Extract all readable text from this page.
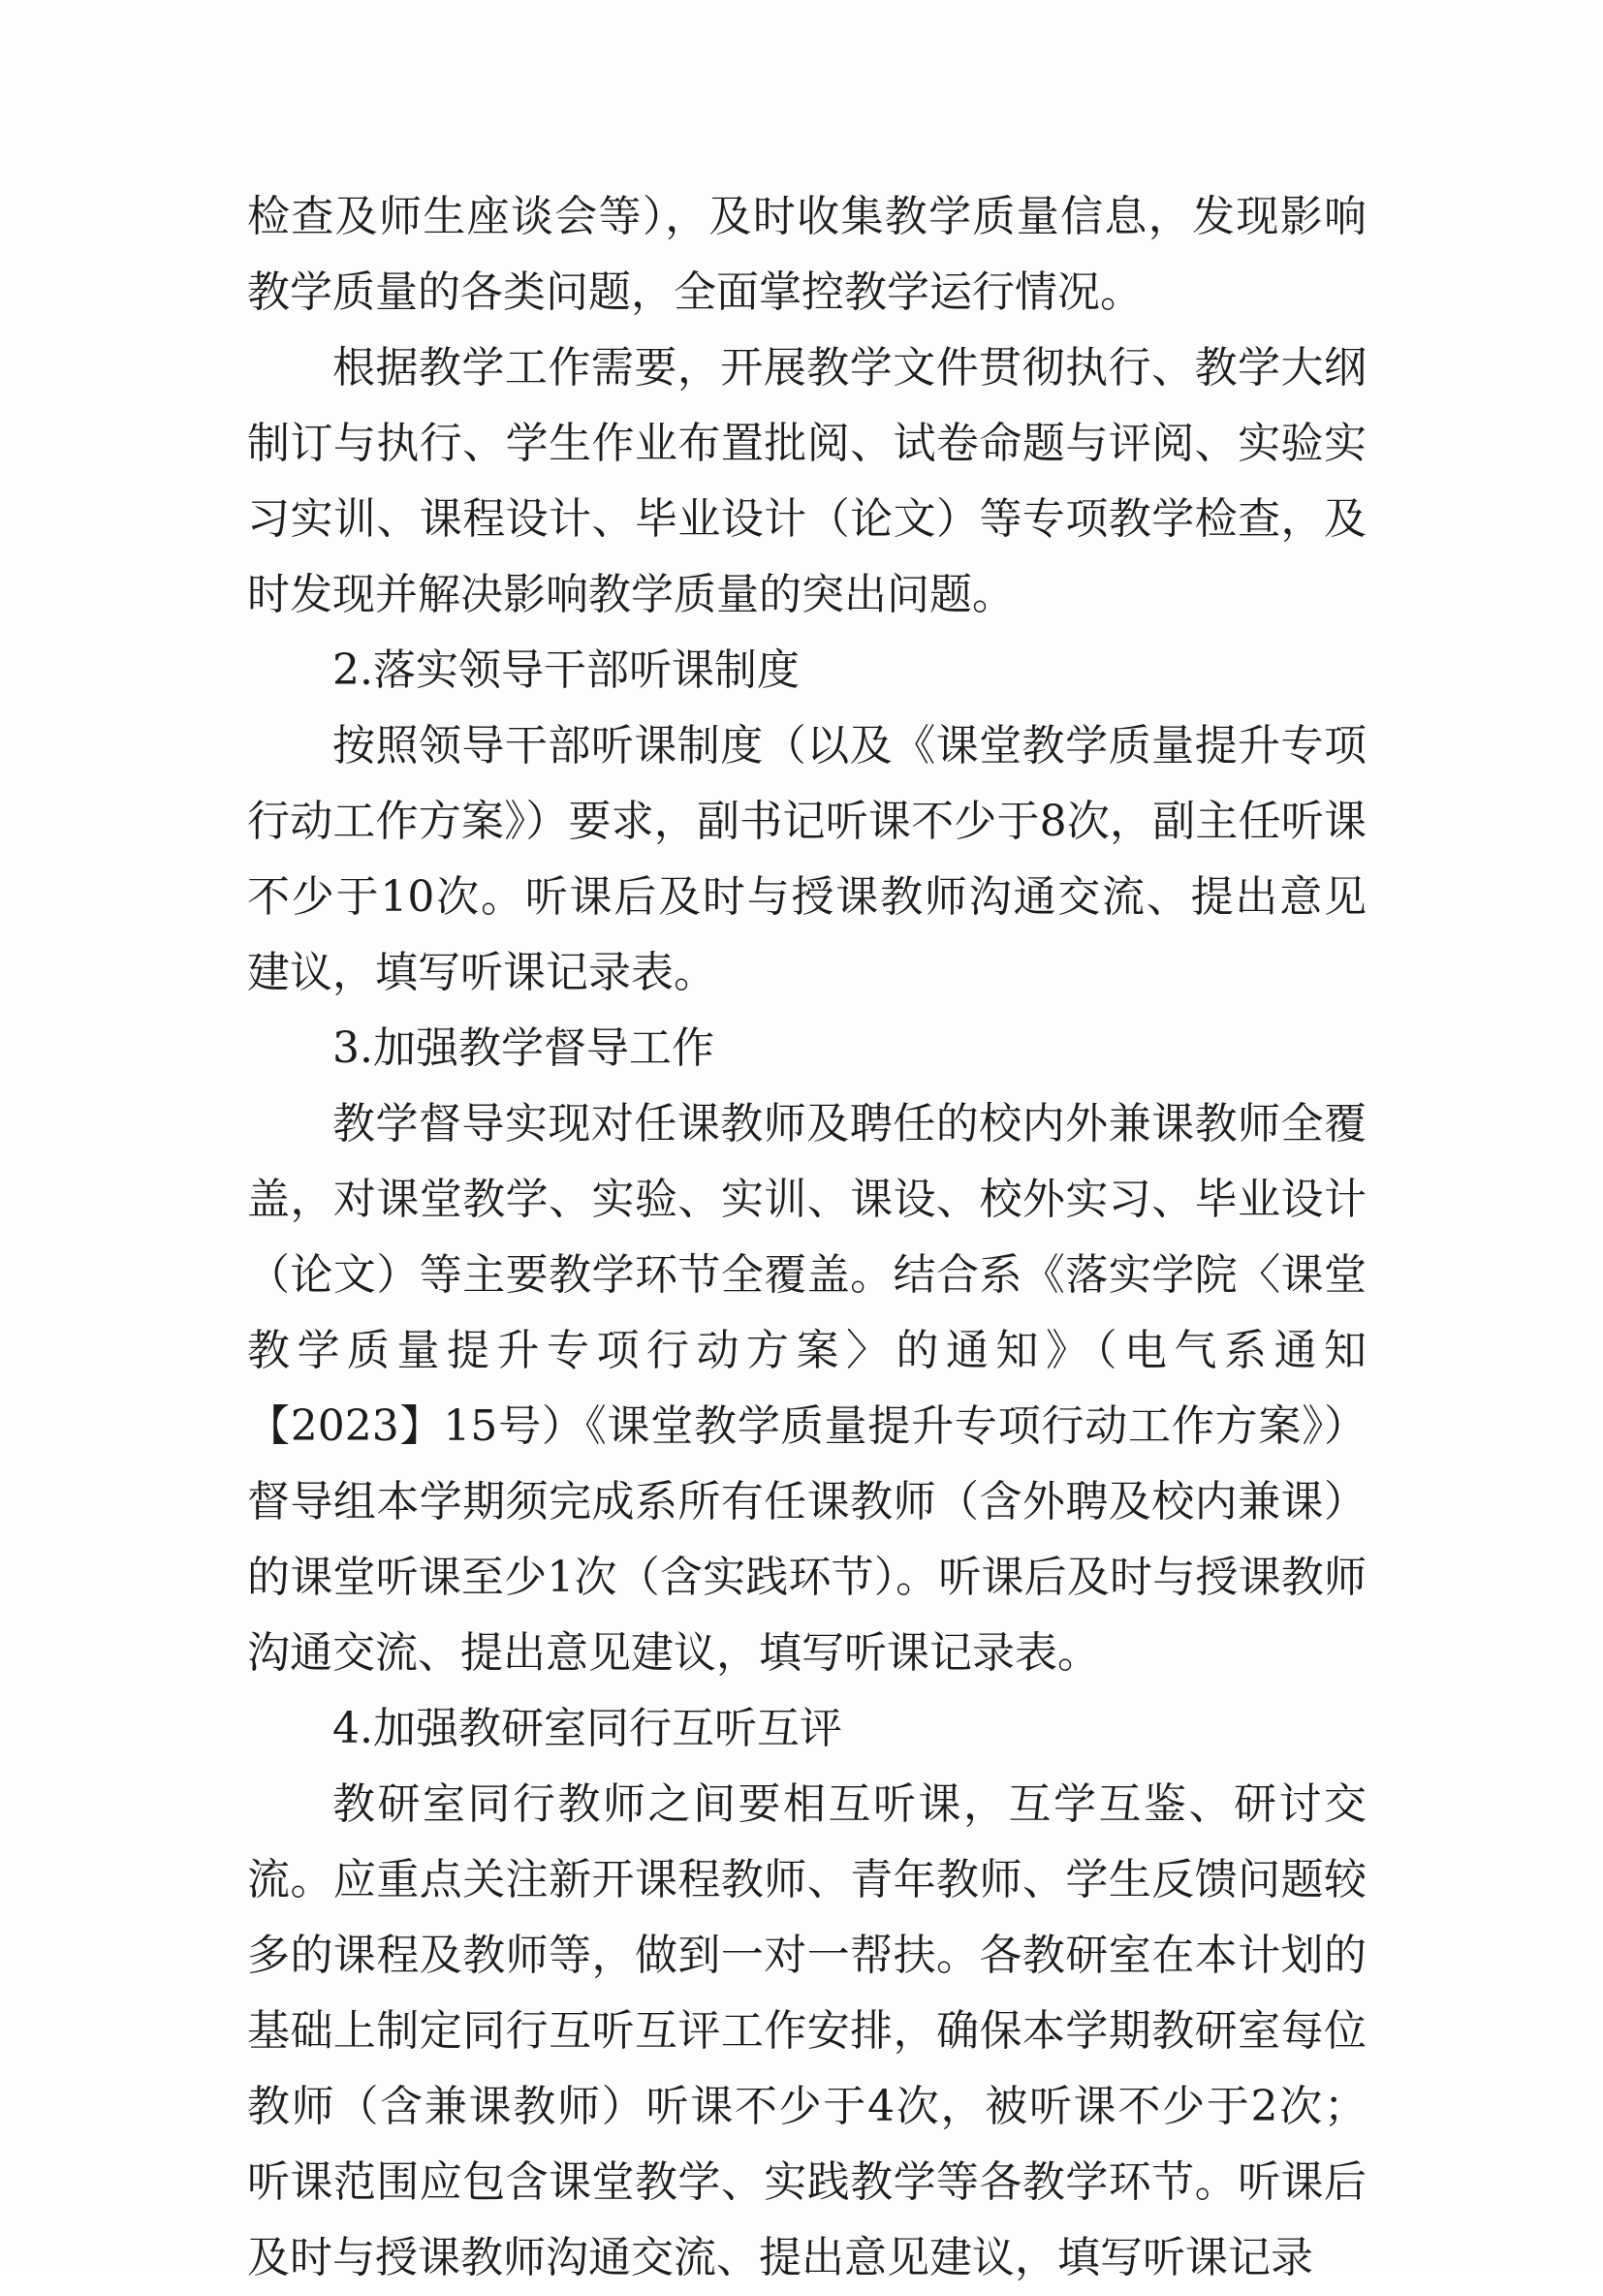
检查及师生座谈会等），及时收集教学质量信息，发现影响教学质量的各类问题，全面掌控教学运行情况。

根据教学工作需要，开展教学文件贯彻执行、教学大纲制订与执行、学生作业布置批阅、试卷命题与评阅、实验实习实训、课程设计、毕业设计（论文）等专项教学检查，及时发现并解决影响教学质量的突出问题。

2.落实领导干部听课制度

按照领导干部听课制度（以及《课堂教学质量提升专项行动工作方案》）要求，副书记听课不少于8次，副主任听课不少于10次。听课后及时与授课教师沟通交流、提出意见建议，填写听课记录表。

3.加强教学督导工作

教学督导实现对任课教师及聘任的校内外兼课教师全覆盖，对课堂教学、实验、实训、课设、校外实习、毕业设计（论文）等主要教学环节全覆盖。结合系《落实学院〈课堂教学质量提升专项行动方案〉的通知》（电气系通知【2023】15号）《课堂教学质量提升专项行动工作方案》）督导组本学期须完成系所有任课教师（含外聘及校内兼课）的课堂听课至少1次（含实践环节）。听课后及时与授课教师沟通交流、提出意见建议，填写听课记录表。

4.加强教研室同行互听互评

教研室同行教师之间要相互听课，互学互鉴、研讨交流。应重点关注新开课程教师、青年教师、学生反馈问题较多的课程及教师等，做到一对一帮扶。各教研室在本计划的基础上制定同行互听互评工作安排，确保本学期教研室每位教师（含兼课教师）听课不少于4次，被听课不少于2次；听课范围应包含课堂教学、实践教学等各教学环节。听课后及时与授课教师沟通交流、提出意见建议，填写听课记录
